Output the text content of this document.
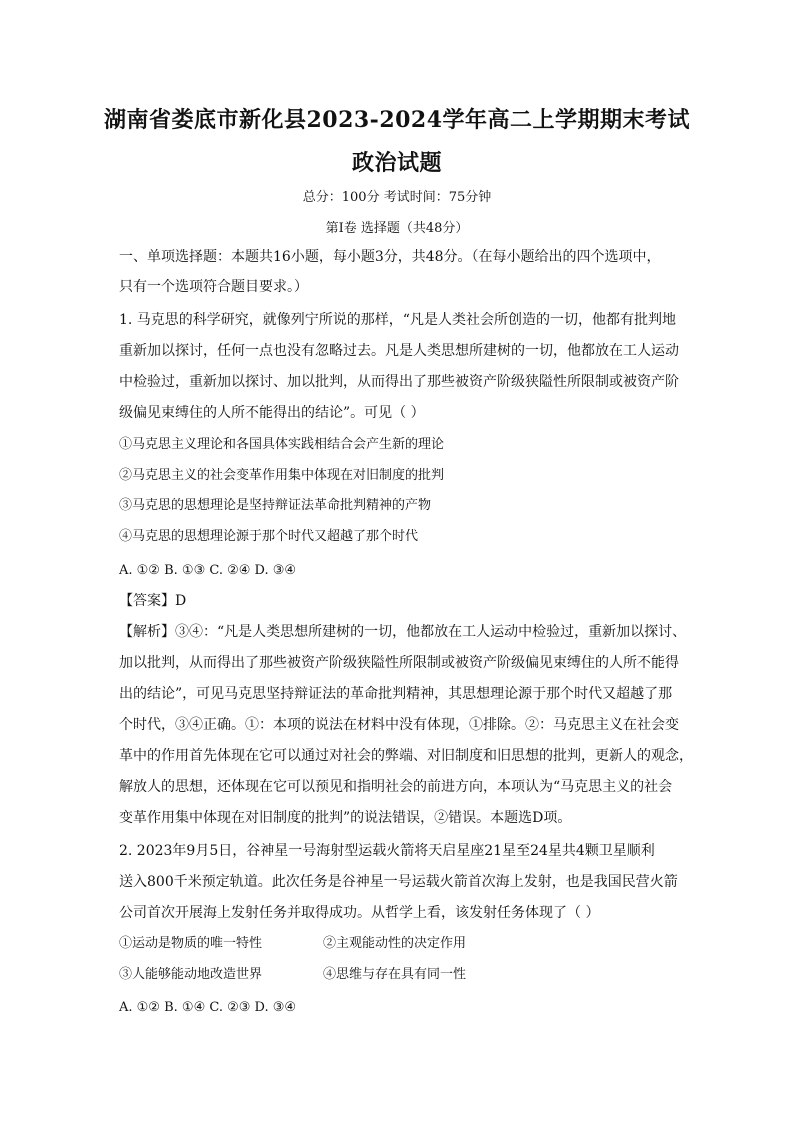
湖南省娄底市新化县2023-2024学年高二上学期期末考试
政治试题
总分：100分 考试时间：75分钟
第Ⅰ卷 选择题（共48分）
一、单项选择题：本题共16小题，每小题3分，共48分。（在每小题给出的四个选项中，
只有一个选项符合题目要求。）
1. 马克思的科学研究，就像列宁所说的那样，“凡是人类社会所创造的一切，他都有批判地
重新加以探讨，任何一点也没有忽略过去。凡是人类思想所建树的一切，他都放在工人运动
中检验过，重新加以探讨、加以批判，从而得出了那些被资产阶级狭隘性所限制或被资产阶
级偏见束缚住的人所不能得出的结论”。可见（ ）
①马克思主义理论和各国具体实践相结合会产生新的理论
②马克思主义的社会变革作用集中体现在对旧制度的批判
③马克思的思想理论是坚持辩证法革命批判精神的产物
④马克思的思想理论源于那个时代又超越了那个时代
A. ①② B. ①③ C. ②④ D. ③④
【答案】D
【解析】③④：“凡是人类思想所建树的一切，他都放在工人运动中检验过，重新加以探讨、
加以批判，从而得出了那些被资产阶级狭隘性所限制或被资产阶级偏见束缚住的人所不能得
出的结论”，可见马克思坚持辩证法的革命批判精神，其思想理论源于那个时代又超越了那
个时代，③④正确。①：本项的说法在材料中没有体现，①排除。②：马克思主义在社会变
革中的作用首先体现在它可以通过对社会的弊端、对旧制度和旧思想的批判，更新人的观念，
解放人的思想，还体现在它可以预见和指明社会的前进方向，本项认为“马克思主义的社会
变革作用集中体现在对旧制度的批判”的说法错误，②错误。本题选D项。
2. 2023年9月5日，谷神星一号海射型运载火箭将天启星座21星至24星共4颗卫星顺利
送入800千米预定轨道。此次任务是谷神星一号运载火箭首次海上发射，也是我国民营火箭
公司首次开展海上发射任务并取得成功。从哲学上看，该发射任务体现了（ ）
①运动是物质的唯一特性	②主观能动性的决定作用
③人能够能动地改造世界	④思维与存在具有同一性
A. ①② B. ①④ C. ②③ D. ③④
